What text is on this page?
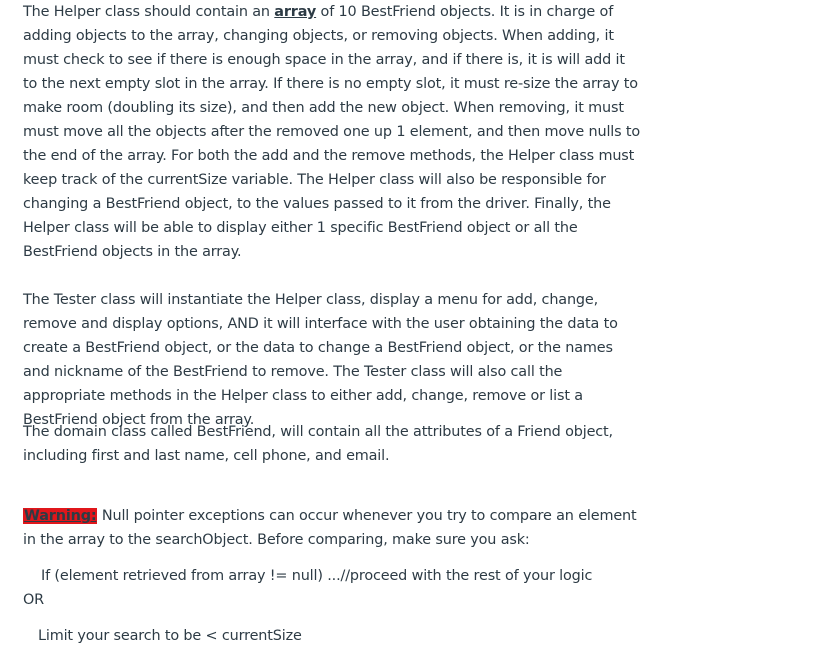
The Helper class should contain an array of 10 BestFriend objects. It is in charge of adding objects to the array, changing objects, or removing objects. When adding, it must check to see if there is enough space in the array, and if there is, it is will add it to the next empty slot in the array. If there is no empty slot, it must re-size the array to make room (doubling its size), and then add the new object. When removing, it must must move all the objects after the removed one up 1 element, and then move nulls to the end of the array. For both the add and the remove methods, the Helper class must keep track of the currentSize variable. The Helper class will also be responsible for changing a BestFriend object, to the values passed to it from the driver. Finally, the Helper class will be able to display either 1 specific BestFriend object or all the BestFriend objects in the array.

The Tester class will instantiate the Helper class, display a menu for add, change, remove and display options, AND it will interface with the user obtaining the data to create a BestFriend object, or the data to change a BestFriend object, or the names and nickname of the BestFriend to remove. The Tester class will also call the appropriate methods in the Helper class to either add, change, remove or list a BestFriend object from the array.

The domain class called BestFriend, will contain all the attributes of a Friend object, including first and last name, cell phone, and email.

Warning: Null pointer exceptions can occur whenever you try to compare an element in the array to the searchObject. Before comparing, make sure you ask:

If (element retrieved from array != null) ...//proceed with the rest of your logic

OR

Limit your search to be < currentSize
